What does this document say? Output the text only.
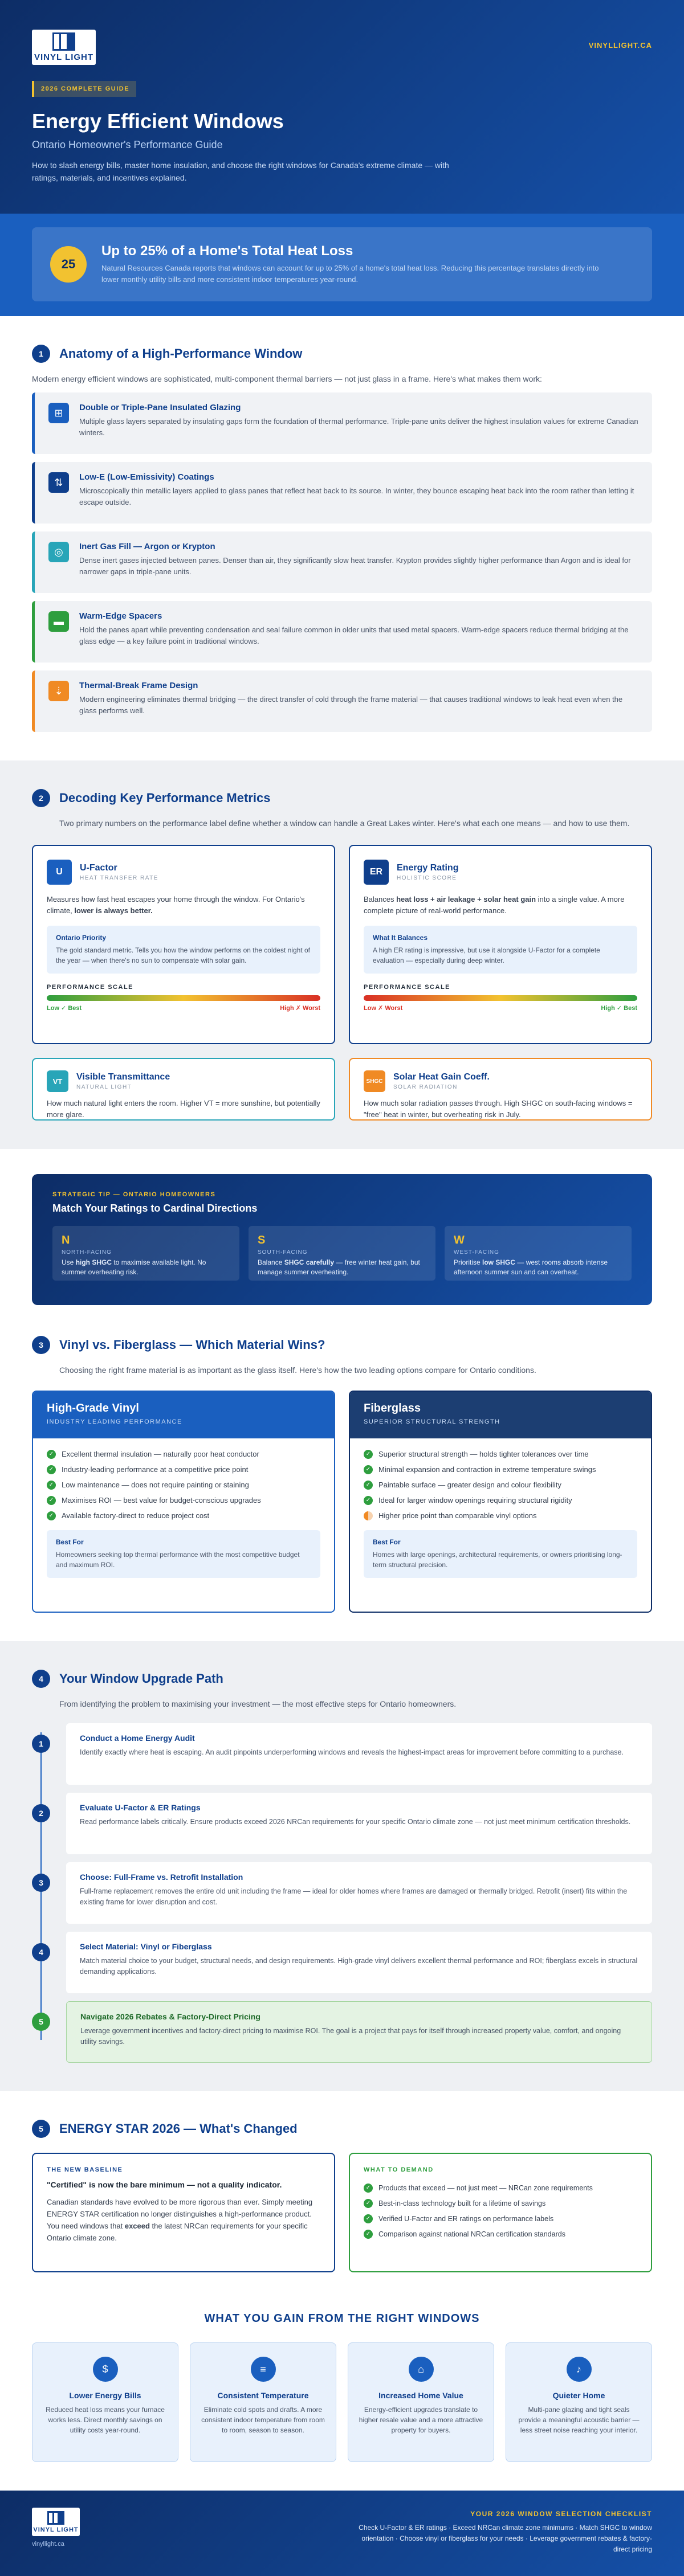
VINYL LIGHT
VINYLLIGHT.CA
2026 COMPLETE GUIDE
Energy Efficient Windows
Ontario Homeowner's Performance Guide

How to slash energy bills, master home insulation, and choose the right windows for Canada's extreme climate — with ratings, materials, and incentives explained.

25
Up to 25% of a Home's Total Heat Loss

Natural Resources Canada reports that windows can account for up to 25% of a home's total heat loss. Reducing this percentage translates directly into lower monthly utility bills and more consistent indoor temperatures year-round.

1	Anatomy of a High-Performance Window

Modern energy efficient windows are sophisticated, multi-component thermal barriers — not just glass in a frame. Here's what makes them work:

⊞	Double or Triple-Pane Insulated Glazing

Multiple glass layers separated by insulating gaps form the foundation of thermal performance. Triple-pane units deliver the highest insulation values for extreme Canadian winters.

⇅	Low-E (Low-Emissivity) Coatings

Microscopically thin metallic layers applied to glass panes that reflect heat back to its source. In winter, they bounce escaping heat back into the room rather than letting it escape outside.

◎	Inert Gas Fill — Argon or Krypton

Dense inert gases injected between panes. Denser than air, they significantly slow heat transfer. Krypton provides slightly higher performance than Argon and is ideal for narrower gaps in triple-pane units.

▬	Warm-Edge Spacers

Hold the panes apart while preventing condensation and seal failure common in older units that used metal spacers. Warm-edge spacers reduce thermal bridging at the glass edge — a key failure point in traditional windows.

⇣	Thermal-Break Frame Design

Modern engineering eliminates thermal bridging — the direct transfer of cold through the frame material — that causes traditional windows to leak heat even when the glass performs well.

2	Decoding Key Performance Metrics

Two primary numbers on the performance label define whether a window can handle a Great Lakes winter. Here's what each one means — and how to use them.

U	U-Factor
HEAT TRANSFER RATE

Measures how fast heat escapes your home through the window. For Ontario's climate, lower is always better.

Ontario Priority

The gold standard metric. Tells you how the window performs on the coldest night of the year — when there's no sun to compensate with solar gain.

PERFORMANCE SCALE
Low ✓ Best	High ✗ Worst
ER	Energy Rating
HOLISTIC SCORE

Balances heat loss + air leakage + solar heat gain into a single value. A more complete picture of real-world performance.

What It Balances

A high ER rating is impressive, but use it alongside U-Factor for a complete evaluation — especially during deep winter.

PERFORMANCE SCALE
Low ✗ Worst	High ✓ Best
VT	Visible Transmittance
NATURAL LIGHT

How much natural light enters the room. Higher VT = more sunshine, but potentially more glare.

SHGC Solar Heat Gain Coeff.
SOLAR RADIATION

How much solar radiation passes through. High SHGC on south-facing windows = "free" heat in winter, but overheating risk in July.

STRATEGIC TIP — ONTARIO HOMEOWNERS
Match Your Ratings to Cardinal Directions
N
NORTH-FACING
Use high SHGC to maximise available light. No summer overheating risk.
S
SOUTH-FACING
Balance SHGC carefully — free winter heat gain, but manage summer overheating.
W
WEST-FACING
Prioritise low SHGC — west rooms absorb intense afternoon summer sun and can overheat.
3	Vinyl vs. Fiberglass — Which Material Wins?

Choosing the right frame material is as important as the glass itself. Here's how the two leading options compare for Ontario conditions.

High-Grade Vinyl
INDUSTRY LEADING PERFORMANCE
✓ Excellent thermal insulation — naturally poor heat conductor
✓ Industry-leading performance at a competitive price point
✓ Low maintenance — does not require painting or staining
✓ Maximises ROI — best value for budget-conscious upgrades
✓ Available factory-direct to reduce project cost
Best For

Homeowners seeking top thermal performance with the most competitive budget and maximum ROI.

Fiberglass
SUPERIOR STRUCTURAL STRENGTH
✓ Superior structural strength — holds tighter tolerances over time
✓ Minimal expansion and contraction in extreme temperature swings
✓ Paintable surface — greater design and colour flexibility
✓ Ideal for larger window openings requiring structural rigidity
Higher price point than comparable vinyl options
Best For

Homes with large openings, architectural requirements, or owners prioritising long-term structural precision.

4	Your Window Upgrade Path

From identifying the problem to maximising your investment — the most effective steps for Ontario homeowners.

1
Conduct a Home Energy Audit

Identify exactly where heat is escaping. An audit pinpoints underperforming windows and reveals the highest-impact areas for improvement before committing to a purchase.

2
Evaluate U-Factor & ER Ratings

Read performance labels critically. Ensure products exceed 2026 NRCan requirements for your specific Ontario climate zone — not just meet minimum certification thresholds.

3
Choose: Full-Frame vs. Retrofit Installation

Full-frame replacement removes the entire old unit including the frame — ideal for older homes where frames are damaged or thermally bridged. Retrofit (insert) fits within the existing frame for lower disruption and cost.

4
Select Material: Vinyl or Fiberglass

Match material choice to your budget, structural needs, and design requirements. High-grade vinyl delivers excellent thermal performance and ROI; fiberglass excels in structural demanding applications.

5
Navigate 2026 Rebates & Factory-Direct Pricing

Leverage government incentives and factory-direct pricing to maximise ROI. The goal is a project that pays for itself through increased property value, comfort, and ongoing utility savings.

5	ENERGY STAR 2026 — What's Changed
THE NEW BASELINE
"Certified" is now the bare minimum — not a quality indicator.

Canadian standards have evolved to be more rigorous than ever. Simply meeting ENERGY STAR certification no longer distinguishes a high-performance product. You need windows that exceed the latest NRCan requirements for your specific Ontario climate zone.

WHAT TO DEMAND
✓	Products that exceed — not just meet — NRCan zone requirements
✓	Best-in-class technology built for a lifetime of savings
✓	Verified U-Factor and ER ratings on performance labels
✓	Comparison against national NRCan certification standards
WHAT YOU GAIN FROM THE RIGHT WINDOWS
$
Lower Energy Bills

Reduced heat loss means your furnace works less. Direct monthly savings on utility costs year-round.

≡
Consistent Temperature

Eliminate cold spots and drafts. A more consistent indoor temperature from room to room, season to season.

⌂
Increased Home Value

Energy-efficient upgrades translate to higher resale value and a more attractive property for buyers.

♪
Quieter Home

Multi-pane glazing and tight seals provide a meaningful acoustic barrier — less street noise reaching your interior.

VINYL LIGHT
vinyllight.ca
YOUR 2026 WINDOW SELECTION CHECKLIST

Check U-Factor & ER ratings · Exceed NRCan climate zone minimums · Match SHGC to window orientation · Choose vinyl or fiberglass for your needs · Leverage government rebates & factory-direct pricing
